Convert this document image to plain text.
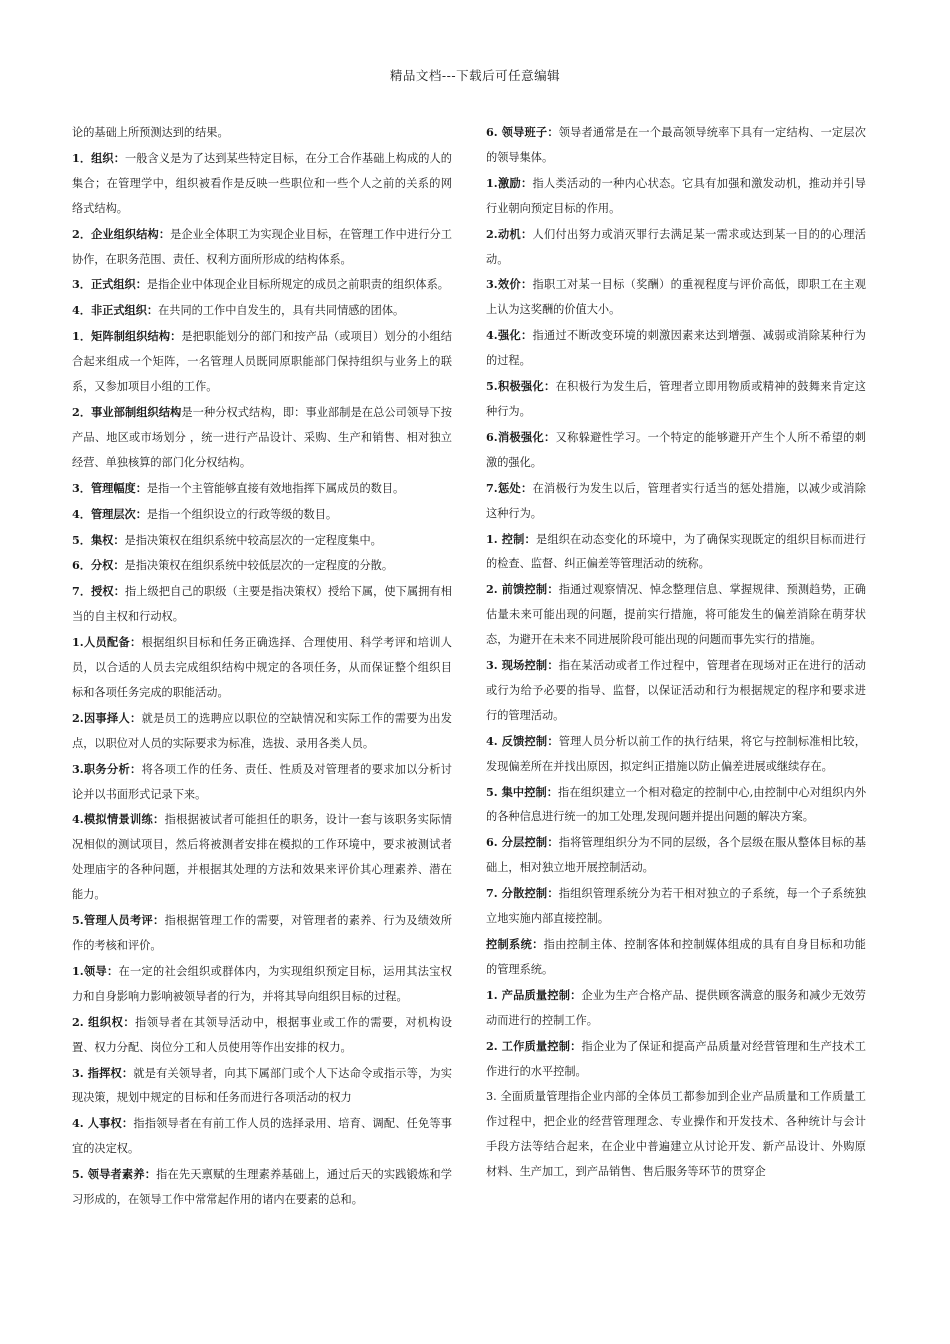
精品文档---下载后可任意编辑

论的基础上所预测达到的结果。

1．组织：一般含义是为了达到某些特定目标，在分工合作基础上构成的人的集合；在管理学中，组织被看作是反映一些职位和一些个人之前的关系的网络式结构。

2．企业组织结构：是企业全体职工为实现企业目标，在管理工作中进行分工协作，在职务范围、责任、权利方面所形成的结构体系。

3．正式组织：是指企业中体现企业目标所规定的成员之前职责的组织体系。

4．非正式组织：在共同的工作中自发生的，具有共同情感的团体。

1．矩阵制组织结构：是把职能划分的部门和按产品（或项目）划分的小组结合起来组成一个矩阵，一名管理人员既同原职能部门保持组织与业务上的联系，又参加项目小组的工作。

2．事业部制组织结构是一种分权式结构，即：事业部制是在总公司领导下按产品、地区或市场划分 ，统一进行产品设计、采购、生产和销售、相对独立经营、单独核算的部门化分权结构。

3．管理幅度：是指一个主管能够直接有效地指挥下属成员的数目。

4．管理层次：是指一个组织设立的行政等级的数目。

5．集权：是指决策权在组织系统中较高层次的一定程度集中。

6．分权：是指决策权在组织系统中较低层次的一定程度的分散。

7．授权：指上级把自己的职级（主要是指决策权）授给下属，使下属拥有相当的自主权和行动权。

1.人员配备：根据组织目标和任务正确选择、合理使用、科学考评和培训人员，以合适的人员去完成组织结构中规定的各项任务，从而保证整个组织目标和各项任务完成的职能活动。

2.因事择人：就是员工的选聘应以职位的空缺情况和实际工作的需要为出发点，以职位对人员的实际要求为标准，选拔、录用各类人员。

3.职务分析：将各项工作的任务、责任、性质及对管理者的要求加以分析讨论并以书面形式记录下来。

4.模拟情景训练：指根据被试者可能担任的职务，设计一套与该职务实际情况相似的测试项目，然后将被测者安排在模拟的工作环境中，要求被测试者处理庙宇的各种问题，并根据其处理的方法和效果来评价其心理素养、潜在能力。

5.管理人员考评：指根据管理工作的需要，对管理者的素养、行为及绩效所作的考核和评价。

1.领导：在一定的社会组织或群体内，为实现组织预定目标，运用其法宝权力和自身影响力影响被领导者的行为，并将其导向组织目标的过程。

2. 组织权：指领导者在其领导活动中，根据事业或工作的需要，对机构设置、权力分配、岗位分工和人员使用等作出安排的权力。

3. 指挥权：就是有关领导者，向其下属部门或个人下达命令或指示等，为实现决策，规划中规定的目标和任务而进行各项活动的权力

4. 人事权：指指领导者在有前工作人员的选择录用、培育、调配、任免等事宜的决定权。

5. 领导者素养：指在先天禀赋的生理素养基础上，通过后天的实践锻炼和学习形成的，在领导工作中常常起作用的诸内在要素的总和。

6. 领导班子：领导者通常是在一个最高领导统率下具有一定结构、一定层次的领导集体。

1.激励：指人类活动的一种内心状态。它具有加强和激发动机，推动并引导行业朝向预定目标的作用。

2.动机：人们付出努力或消灭罪行去满足某一需求或达到某一目的的心理活动。

3.效价：指职工对某一目标（奖酬）的重视程度与评价高低，即职工在主观上认为这奖酬的价值大小。

4.强化：指通过不断改变环境的刺激因素来达到增强、减弱或消除某种行为的过程。

5.积极强化：在积极行为发生后，管理者立即用物质或精神的鼓舞来肯定这种行为。

6.消极强化：又称躲避性学习。一个特定的能够避开产生个人所不希望的刺激的强化。

7.惩处：在消极行为发生以后，管理者实行适当的惩处措施，以减少或消除这种行为。

1. 控制：是组织在动态变化的环境中，为了确保实现既定的组织目标而进行的检查、监督、纠正偏差等管理活动的统称。

2. 前馈控制：指通过观察情况、悼念整理信息、掌握规律、预测趋势，正确估量未来可能出现的问题，提前实行措施，将可能发生的偏差消除在萌芽状态，为避开在未来不同进展阶段可能出现的问题而事先实行的措施。

3. 现场控制：指在某活动或者工作过程中，管理者在现场对正在进行的活动或行为给予必要的指导、监督，以保证活动和行为根据规定的程序和要求进行的管理活动。

4. 反馈控制：管理人员分析以前工作的执行结果，将它与控制标准相比较，发现偏差所在并找出原因，拟定纠正措施以防止偏差进展或继续存在。

5. 集中控制：指在组织建立一个相对稳定的控制中心,由控制中心对组织内外的各种信息进行统一的加工处理,发现问题并提出问题的解决方案。

6. 分层控制：指将管理组织分为不同的层级，各个层级在服从整体目标的基础上，相对独立地开展控制活动。

7. 分散控制：指组织管理系统分为若干相对独立的子系统，每一个子系统独立地实施内部直接控制。

控制系统：指由控制主体、控制客体和控制媒体组成的具有自身目标和功能的管理系统。

1. 产品质量控制：企业为生产合格产品、提供顾客满意的服务和减少无效劳动而进行的控制工作。

2. 工作质量控制：指企业为了保证和提高产品质量对经营管理和生产技术工作进行的水平控制。

3. 全面质量管理指企业内部的全体员工都参加到企业产品质量和工作质量工作过程中，把企业的经营管理理念、专业操作和开发技术、各种统计与会计手段方法等结合起来，在企业中普遍建立从讨论开发、新产品设计、外购原材料、生产加工，到产品销售、售后服务等环节的贯穿企
